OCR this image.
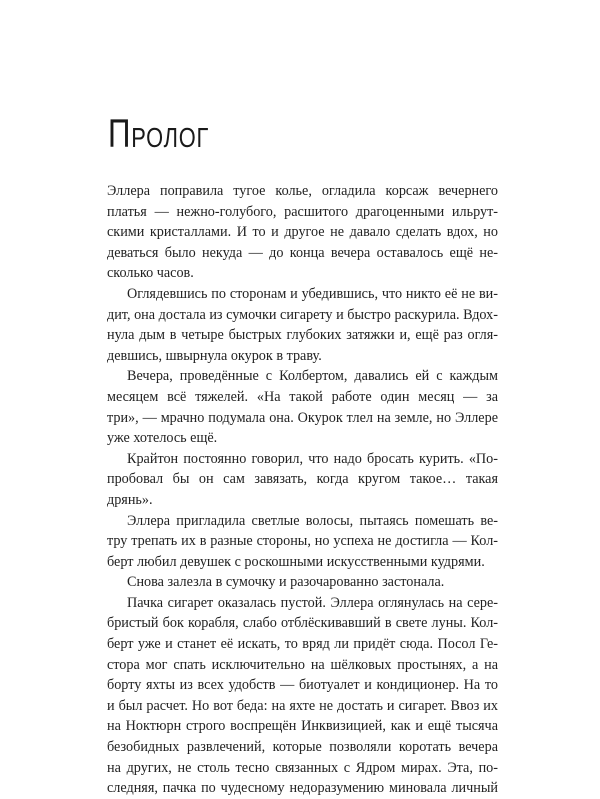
Пролог
Эллера поправила тугое колье, огладила корсаж вечернего
платья — нежно-голубого, расшитого драгоценными ильрут-
скими кристаллами. И то и другое не давало сделать вдох, но
деваться было некуда — до конца вечера оставалось ещё не-
сколько часов.
Оглядевшись по сторонам и убедившись, что никто её не ви-
дит, она достала из сумочки сигарету и быстро раскурила. Вдох-
нула дым в четыре быстрых глубоких затяжки и, ещё раз огля-
девшись, швырнула окурок в траву.
Вечера, проведённые с Колбертом, давались ей с каждым
месяцем всё тяжелей. «На такой работе один месяц — за
три», — мрачно подумала она. Окурок тлел на земле, но Эллере
уже хотелось ещё.
Крайтон постоянно говорил, что надо бросать курить. «По-
пробовал бы он сам завязать, когда кругом такое… такая
дрянь».
Эллера пригладила светлые волосы, пытаясь помешать ве-
тру трепать их в разные стороны, но успеха не достигла — Кол-
берт любил девушек с роскошными искусственными кудрями.
Снова залезла в сумочку и разочарованно застонала.
Пачка сигарет оказалась пустой. Эллера оглянулась на сере-
бристый бок корабля, слабо отблёскивавший в свете луны. Кол-
берт уже и станет её искать, то вряд ли придёт сюда. Посол Ге-
стора мог спать исключительно на шёлковых простынях, а на
борту яхты из всех удобств — биотуалет и кондиционер. На то
и был расчет. Но вот беда: на яхте не достать и сигарет. Ввоз их
на Ноктюрн строго воспрещён Инквизицией, как и ещё тысяча
безобидных развлечений, которые позволяли коротать вечера
на других, не столь тесно связанных с Ядром мирах. Эта, по-
следняя, пачка по чудесному недоразумению миновала личный
